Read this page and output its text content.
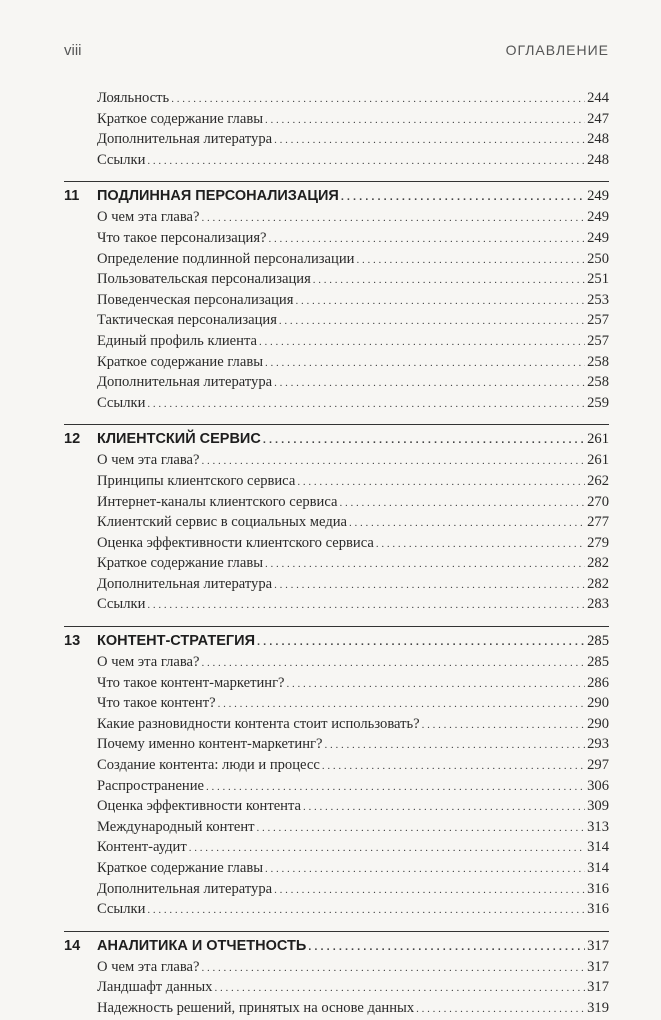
viii	ОГЛАВЛЕНИЕ
Лояльность . . .	244
Краткое содержание главы . . .	247
Дополнительная литература . . .	248
Ссылки . . .	248
11 ПОДЛИННАЯ ПЕРСОНАЛИЗАЦИЯ . . .	249
О чем эта глава? . . .	249
Что такое персонализация? . . .	249
Определение подлинной персонализации . . .	250
Пользовательская персонализация . . .	251
Поведенческая персонализация . . .	253
Тактическая персонализация . . .	257
Единый профиль клиента . . .	257
Краткое содержание главы . . .	258
Дополнительная литература . . .	258
Ссылки . . .	259
12 КЛИЕНТСКИЙ СЕРВИС . . .	261
О чем эта глава? . . .	261
Принципы клиентского сервиса . . .	262
Интернет-каналы клиентского сервиса . . .	270
Клиентский сервис в социальных медиа . . .	277
Оценка эффективности клиентского сервиса . . .	279
Краткое содержание главы . . .	282
Дополнительная литература . . .	282
Ссылки . . .	283
13 КОНТЕНТ-СТРАТЕГИЯ . . .	285
О чем эта глава? . . .	285
Что такое контент-маркетинг? . . .	286
Что такое контент? . . .	290
Какие разновидности контента стоит использовать? . . .	290
Почему именно контент-маркетинг? . . .	293
Создание контента: люди и процесс . . .	297
Распространение . . .	306
Оценка эффективности контента . . .	309
Международный контент . . .	313
Контент-аудит . . .	314
Краткое содержание главы . . .	314
Дополнительная литература . . .	316
Ссылки . . .	316
14 АНАЛИТИКА И ОТЧЕТНОСТЬ . . .	317
О чем эта глава? . . .	317
Ландшафт данных . . .	317
Надежность решений, принятых на основе данных . . .	319
